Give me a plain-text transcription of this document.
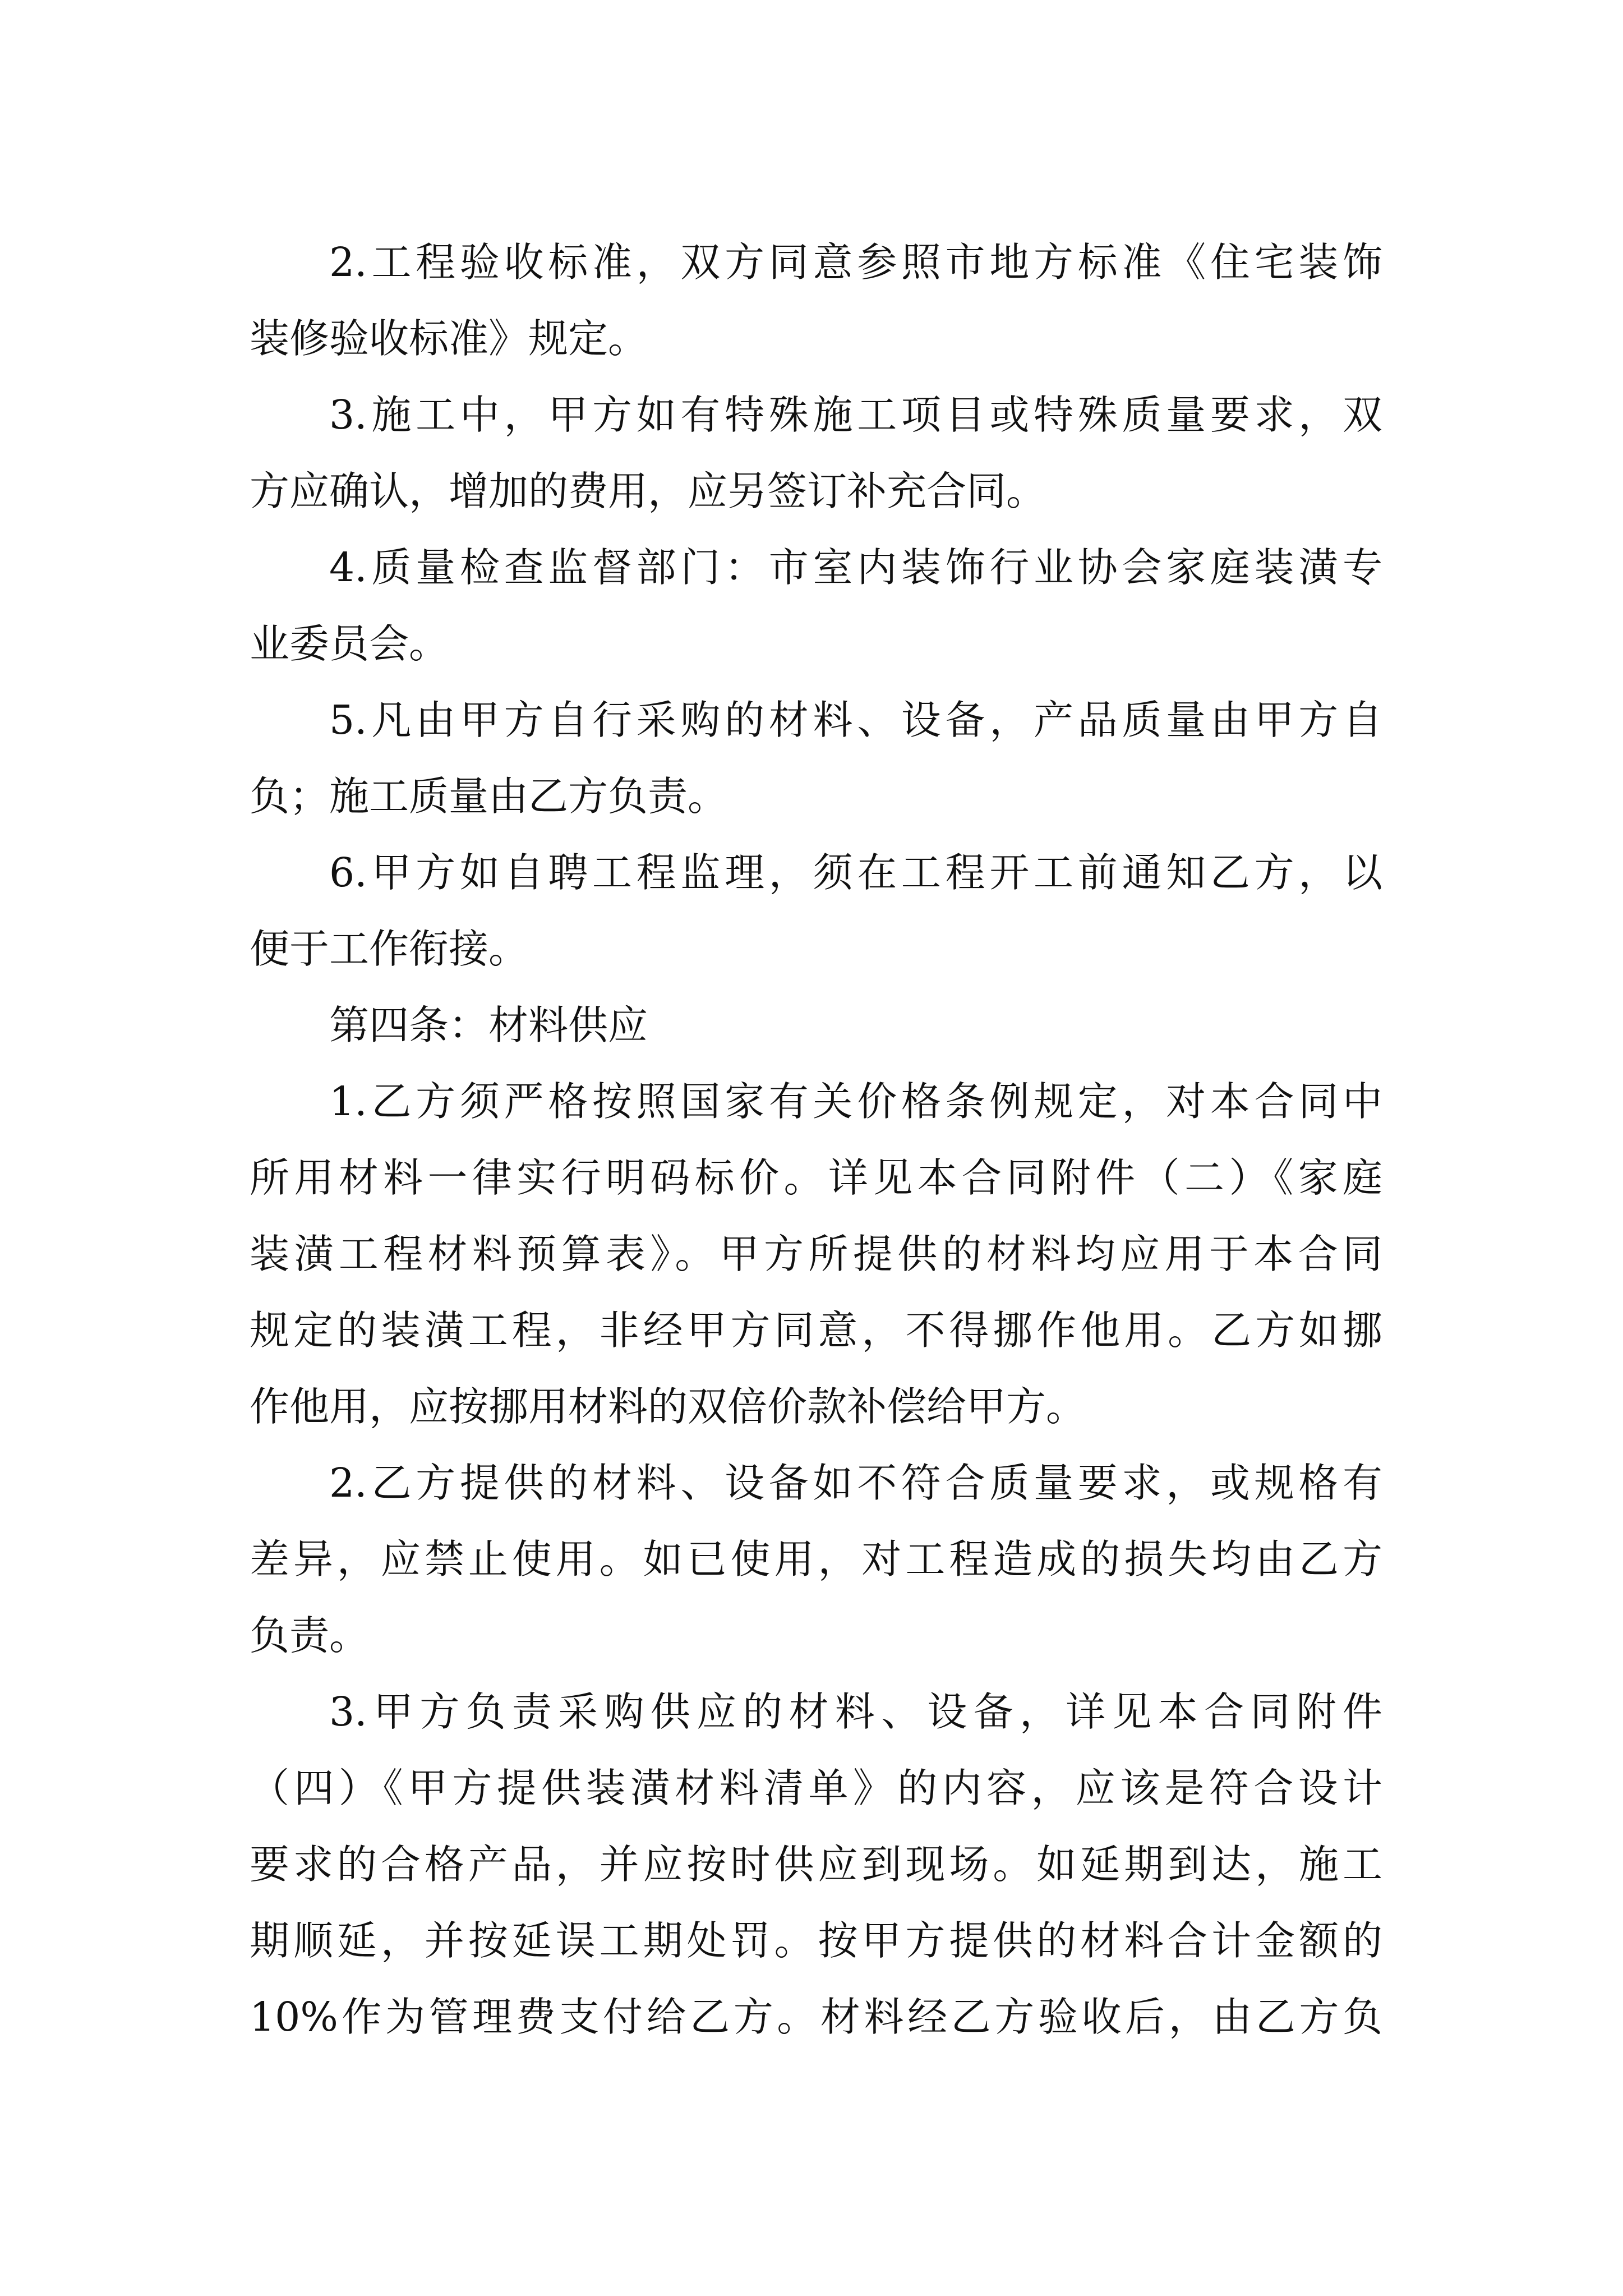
2.工程验收标准，双方同意参照市地方标准《住宅装饰
装修验收标准》规定。
3.施工中，甲方如有特殊施工项目或特殊质量要求，双
方应确认，增加的费用，应另签订补充合同。
4.质量检查监督部门：市室内装饰行业协会家庭装潢专
业委员会。
5.凡由甲方自行采购的材料、设备，产品质量由甲方自
负；施工质量由乙方负责。
6.甲方如自聘工程监理，须在工程开工前通知乙方，以
便于工作衔接。
第四条：材料供应
1.乙方须严格按照国家有关价格条例规定，对本合同中
所用材料一律实行明码标价。详见本合同附件（二）《家庭
装潢工程材料预算表》。甲方所提供的材料均应用于本合同
规定的装潢工程，非经甲方同意，不得挪作他用。乙方如挪
作他用，应按挪用材料的双倍价款补偿给甲方。
2.乙方提供的材料、设备如不符合质量要求，或规格有
差异，应禁止使用。如已使用，对工程造成的损失均由乙方
负责。
3.甲方负责采购供应的材料、设备，详见本合同附件
（四）《甲方提供装潢材料清单》的内容，应该是符合设计
要求的合格产品，并应按时供应到现场。如延期到达，施工
期顺延，并按延误工期处罚。按甲方提供的材料合计金额的
10%作为管理费支付给乙方。材料经乙方验收后，由乙方负
